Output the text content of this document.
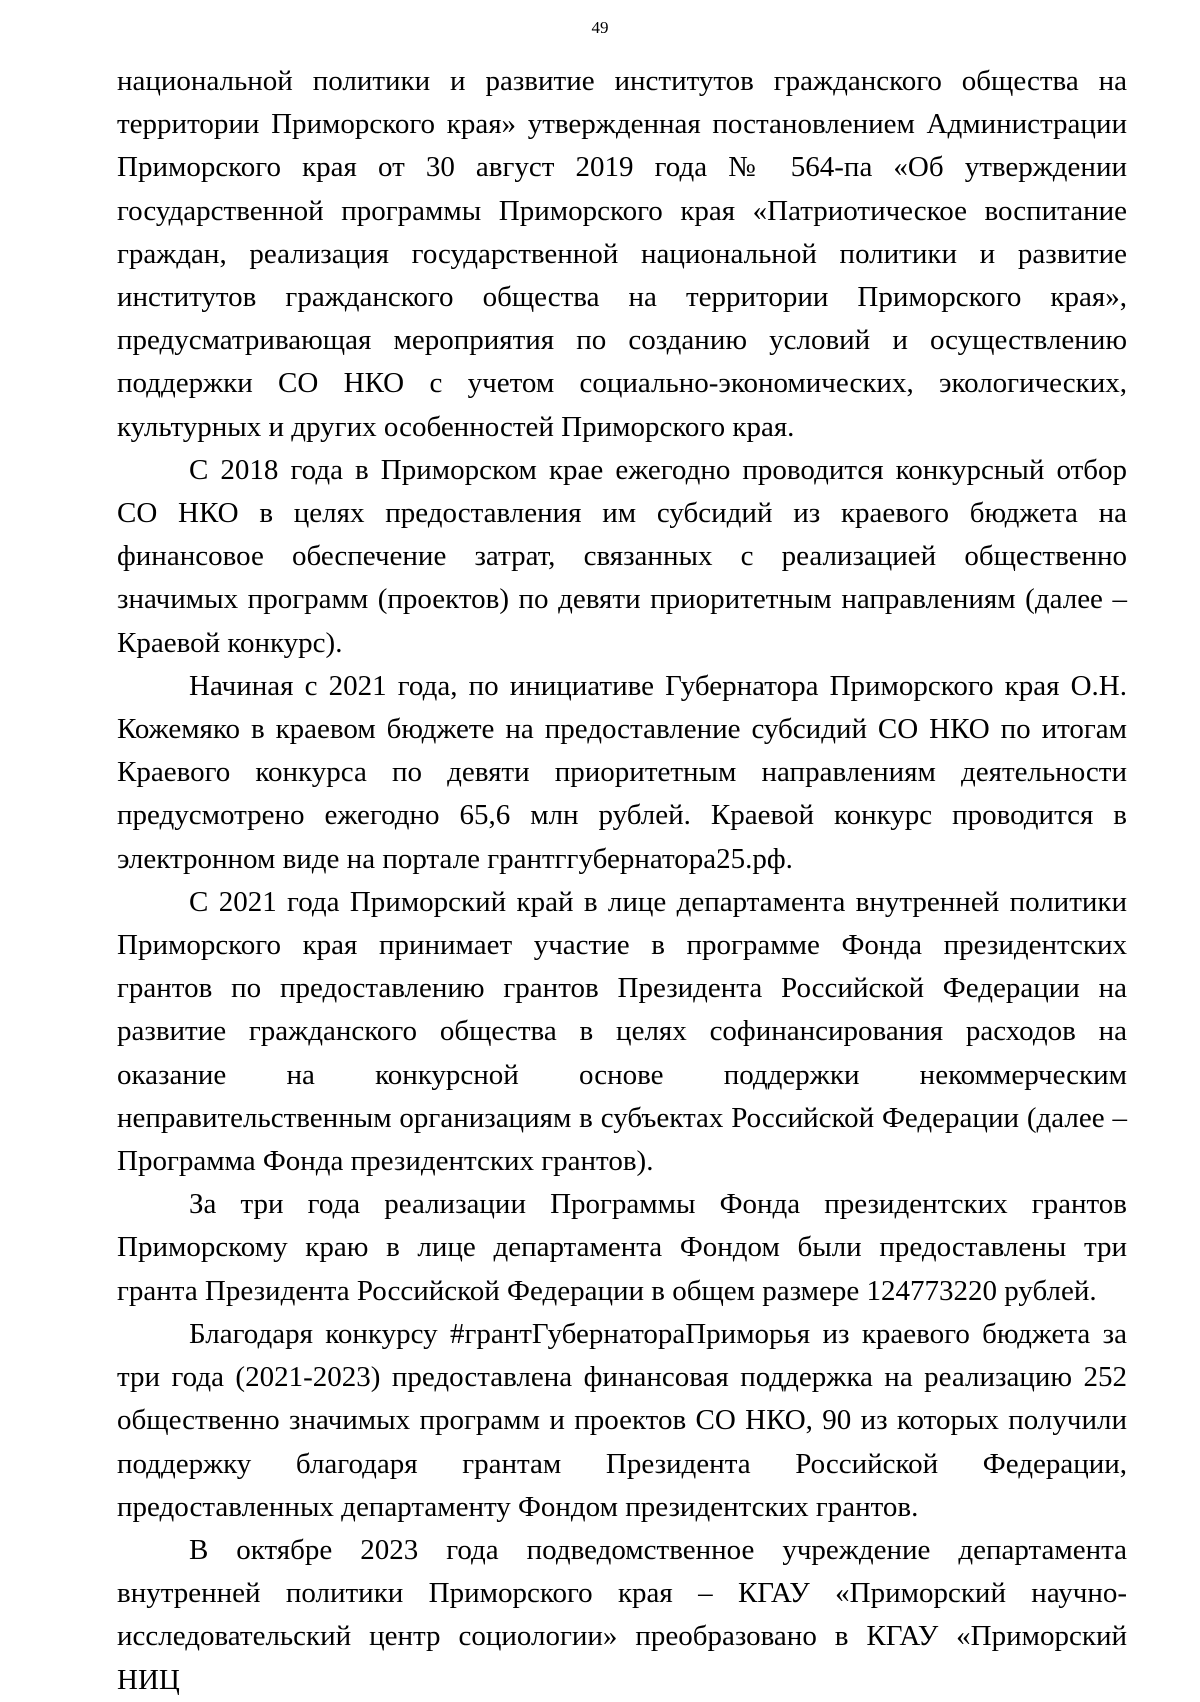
49

национальной политики и развитие институтов гражданского общества на территории Приморского края» утвержденная постановлением Администрации Приморского края от 30 август 2019 года № 564-па «Об утверждении государственной программы Приморского края «Патриотическое воспитание граждан, реализация государственной национальной политики и развитие институтов гражданского общества на территории Приморского края», предусматривающая мероприятия по созданию условий и осуществлению поддержки СО НКО с учетом социально-экономических, экологических, культурных и других особенностей Приморского края.

С 2018 года в Приморском крае ежегодно проводится конкурсный отбор СО НКО в целях предоставления им субсидий из краевого бюджета на финансовое обеспечение затрат, связанных с реализацией общественно значимых программ (проектов) по девяти приоритетным направлениям (далее – Краевой конкурс).

Начиная с 2021 года, по инициативе Губернатора Приморского края О.Н. Кожемяко в краевом бюджете на предоставление субсидий СО НКО по итогам Краевого конкурса по девяти приоритетным направлениям деятельности предусмотрено ежегодно 65,6 млн рублей. Краевой конкурс проводится в электронном виде на портале грантггубернатора25.рф.

С 2021 года Приморский край в лице департамента внутренней политики Приморского края принимает участие в программе Фонда президентских грантов по предоставлению грантов Президента Российской Федерации на развитие гражданского общества в целях софинансирования расходов на оказание на конкурсной основе поддержки некоммерческим неправительственным организациям в субъектах Российской Федерации (далее – Программа Фонда президентских грантов).

За три года реализации Программы Фонда президентских грантов Приморскому краю в лице департамента Фондом были предоставлены три гранта Президента Российской Федерации в общем размере 124773220 рублей.

Благодаря конкурсу #грантГубернатораПриморья из краевого бюджета за три года (2021-2023) предоставлена финансовая поддержка на реализацию 252 общественно значимых программ и проектов СО НКО, 90 из которых получили поддержку благодаря грантам Президента Российской Федерации, предоставленных департаменту Фондом президентских грантов.

В октябре 2023 года подведомственное учреждение департамента внутренней политики Приморского края – КГАУ «Приморский научно-исследовательский центр социологии» преобразовано в КГАУ «Приморский НИЦ
